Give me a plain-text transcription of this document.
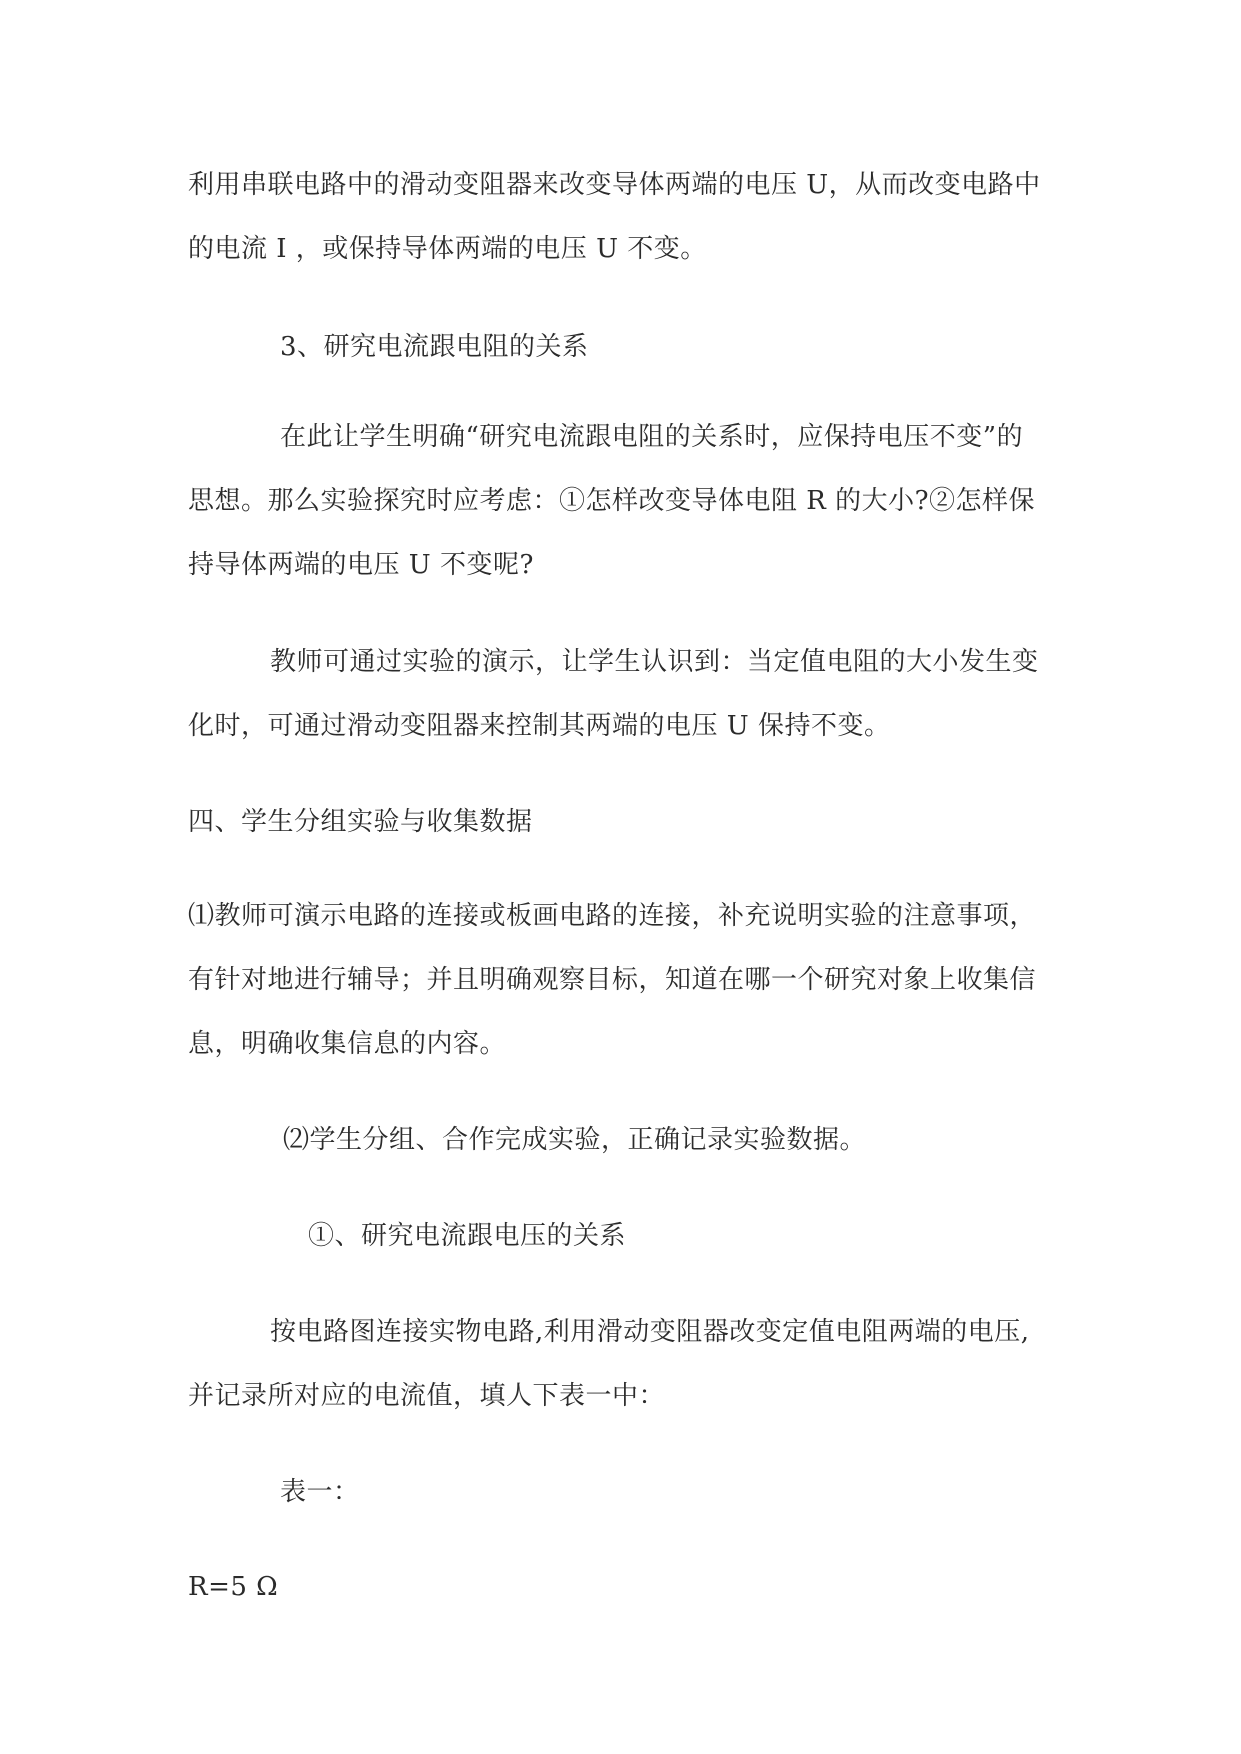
利用串联电路中的滑动变阻器来改变导体两端的电压 U，从而改变电路中
的电流 I ，或保持导体两端的电压 U 不变。
3、研究电流跟电阻的关系
在此让学生明确“研究电流跟电阻的关系时，应保持电压不变”的
思想。那么实验探究时应考虑：①怎样改变导体电阻 R 的大小?②怎样保
持导体两端的电压 U 不变呢?
教师可通过实验的演示，让学生认识到：当定值电阻的大小发生变
化时，可通过滑动变阻器来控制其两端的电压 U 保持不变。
四、学生分组实验与收集数据
⑴教师可演示电路的连接或板画电路的连接，补充说明实验的注意事项，
有针对地进行辅导；并且明确观察目标，知道在哪一个研究对象上收集信
息，明确收集信息的内容。
⑵学生分组、合作完成实验，正确记录实验数据。
①、研究电流跟电压的关系
按电路图连接实物电路,利用滑动变阻器改变定值电阻两端的电压,
并记录所对应的电流值，填人下表一中：
表一：
R=5 Ω
